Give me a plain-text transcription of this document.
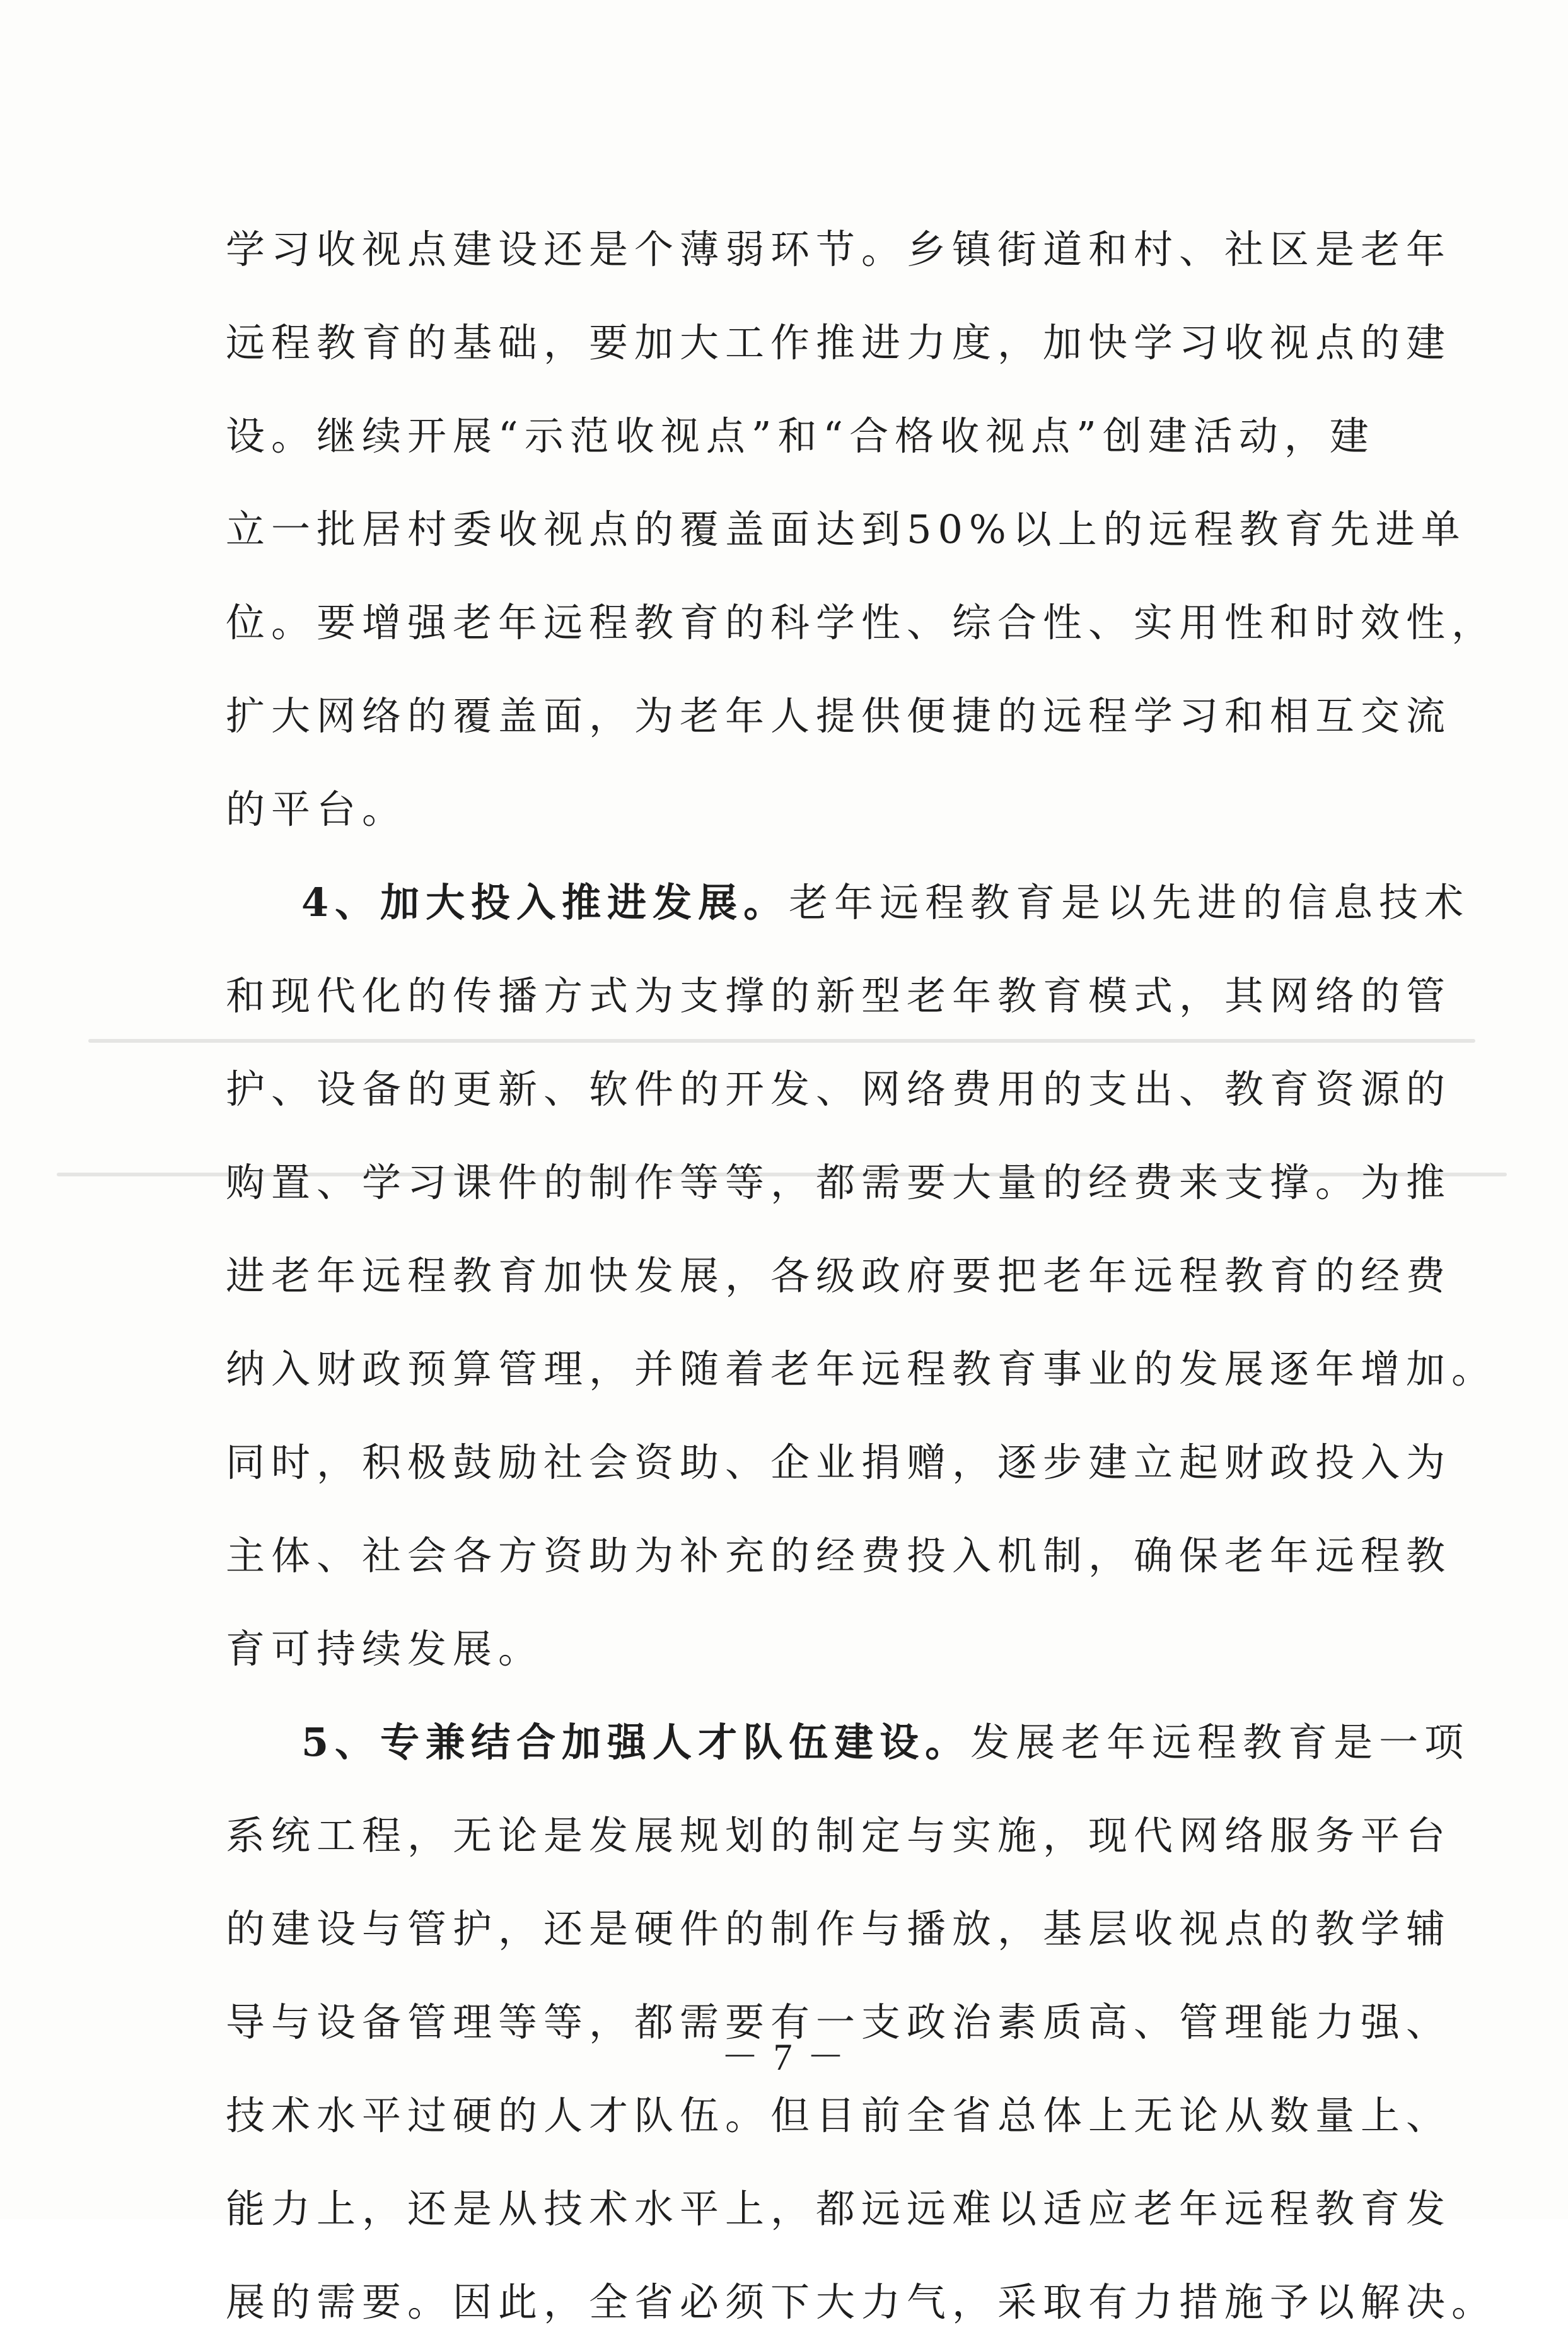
学习收视点建设还是个薄弱环节。乡镇街道和村、社区是老年
远程教育的基础，要加大工作推进力度，加快学习收视点的建
设。继续开展“示范收视点”和“合格收视点”创建活动，建
立一批居村委收视点的覆盖面达到50%以上的远程教育先进单
位。要增强老年远程教育的科学性、综合性、实用性和时效性，
扩大网络的覆盖面，为老年人提供便捷的远程学习和相互交流
的平台。
4、加大投入推进发展。老年远程教育是以先进的信息技术
和现代化的传播方式为支撑的新型老年教育模式，其网络的管
护、设备的更新、软件的开发、网络费用的支出、教育资源的
购置、学习课件的制作等等，都需要大量的经费来支撑。为推
进老年远程教育加快发展，各级政府要把老年远程教育的经费
纳入财政预算管理，并随着老年远程教育事业的发展逐年增加。
同时，积极鼓励社会资助、企业捐赠，逐步建立起财政投入为
主体、社会各方资助为补充的经费投入机制，确保老年远程教
育可持续发展。
5、专兼结合加强人才队伍建设。发展老年远程教育是一项
系统工程，无论是发展规划的制定与实施，现代网络服务平台
的建设与管护，还是硬件的制作与播放，基层收视点的教学辅
导与设备管理等等，都需要有一支政治素质高、管理能力强、
技术水平过硬的人才队伍。但目前全省总体上无论从数量上、
能力上，还是从技术水平上，都远远难以适应老年远程教育发
展的需要。因此，全省必须下大力气，采取有力措施予以解决。
－ 7 －
